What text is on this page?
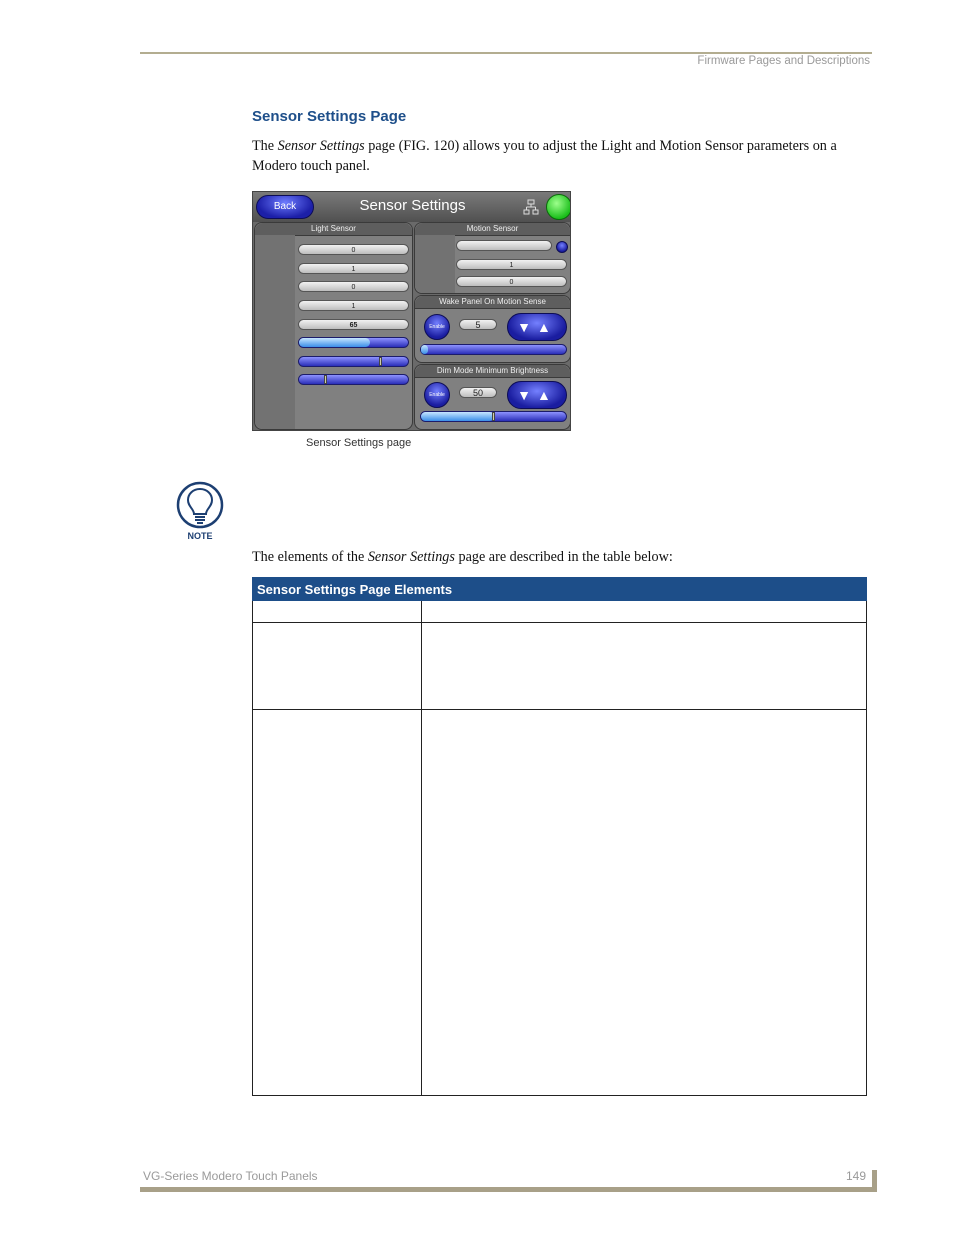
Firmware Pages and Descriptions
Sensor Settings Page
The Sensor Settings page (FIG. 120) allows you to adjust the Light and Motion Sensor parameters on a Modero touch panel.
Sensor Settings
Back
Light Sensor
0
1
0
1
65
Motion Sensor
1
0
Wake Panel On Motion Sense
Enable	5	▼▲
Dim Mode Minimum Brightness
Enable	50	▼▲
Sensor Settings page
NOTE
The elements of the Sensor Settings page are described in the table below:
Sensor Settings Page Elements	

VG-Series Modero Touch Panels	149
